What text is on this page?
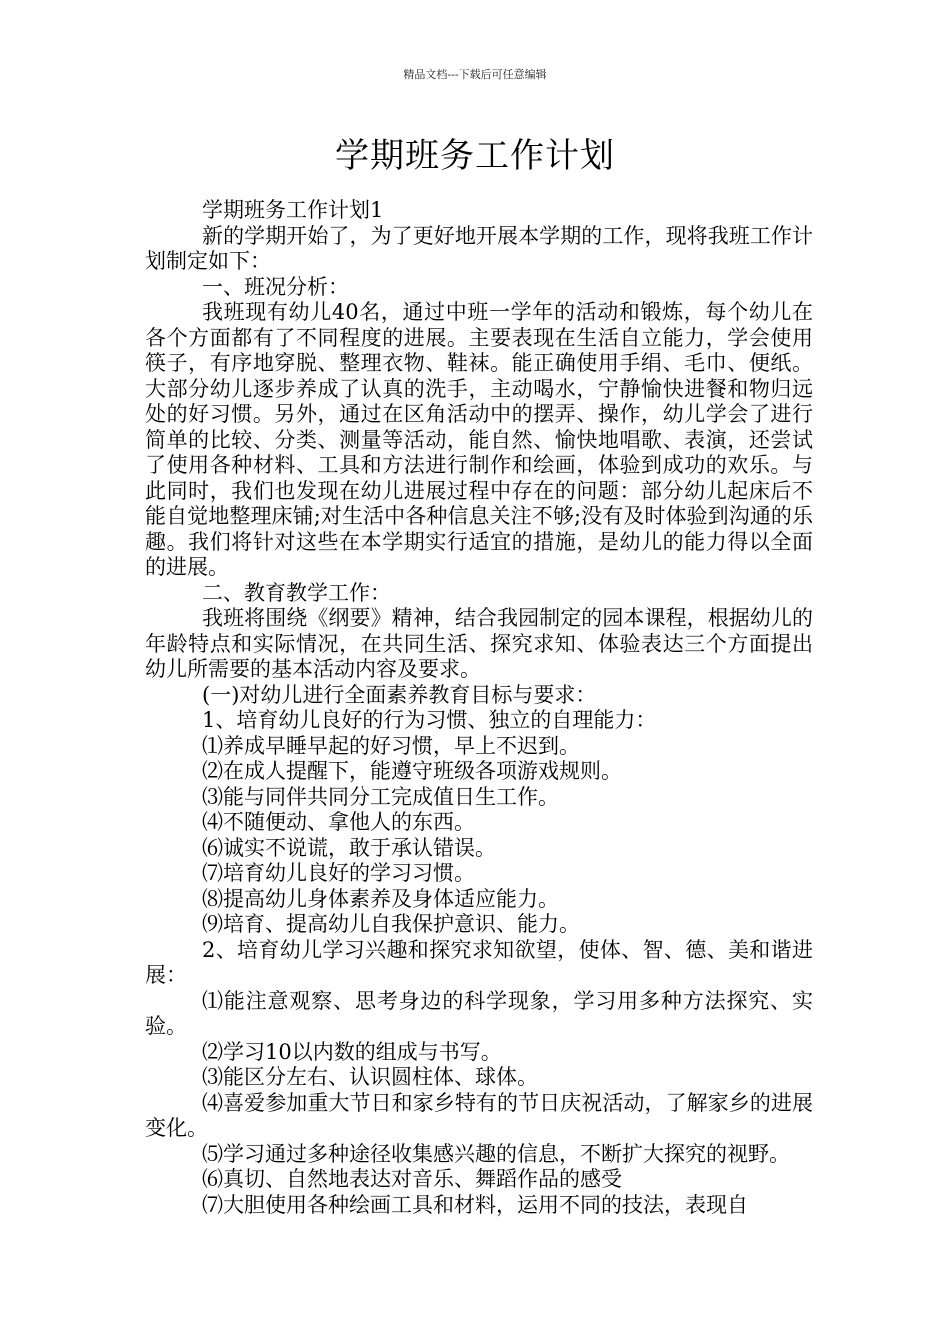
精品文档---下载后可任意编辑
学期班务工作计划

学期班务工作计划1

新的学期开始了，为了更好地开展本学期的工作，现将我班工作计划制定如下：

一、班况分析：

我班现有幼儿40名，通过中班一学年的活动和锻炼，每个幼儿在各个方面都有了不同程度的进展。主要表现在生活自立能力，学会使用筷子，有序地穿脱、整理衣物、鞋袜。能正确使用手绢、毛巾、便纸。大部分幼儿逐步养成了认真的洗手，主动喝水，宁静愉快进餐和物归远处的好习惯。另外，通过在区角活动中的摆弄、操作，幼儿学会了进行简单的比较、分类、测量等活动，能自然、愉快地唱歌、表演，还尝试了使用各种材料、工具和方法进行制作和绘画，体验到成功的欢乐。与此同时，我们也发现在幼儿进展过程中存在的问题：部分幼儿起床后不能自觉地整理床铺;对生活中各种信息关注不够;没有及时体验到沟通的乐趣。我们将针对这些在本学期实行适宜的措施，是幼儿的能力得以全面的进展。

二、教育教学工作：

我班将围绕《纲要》精神，结合我园制定的园本课程，根据幼儿的年龄特点和实际情况，在共同生活、探究求知、体验表达三个方面提出幼儿所需要的基本活动内容及要求。

(一)对幼儿进行全面素养教育目标与要求：

1、培育幼儿良好的行为习惯、独立的自理能力：

⑴养成早睡早起的好习惯，早上不迟到。

⑵在成人提醒下，能遵守班级各项游戏规则。

⑶能与同伴共同分工完成值日生工作。

⑷不随便动、拿他人的东西。

⑹诚实不说谎，敢于承认错误。

⑺培育幼儿良好的学习习惯。

⑻提高幼儿身体素养及身体适应能力。

⑼培育、提高幼儿自我保护意识、能力。

2、培育幼儿学习兴趣和探究求知欲望，使体、智、德、美和谐进展：

⑴能注意观察、思考身边的科学现象，学习用多种方法探究、实验。

⑵学习10以内数的组成与书写。

⑶能区分左右、认识圆柱体、球体。

⑷喜爱参加重大节日和家乡特有的节日庆祝活动，了解家乡的进展变化。

⑸学习通过多种途径收集感兴趣的信息，不断扩大探究的视野。

⑹真切、自然地表达对音乐、舞蹈作品的感受

⑺大胆使用各种绘画工具和材料，运用不同的技法，表现自
